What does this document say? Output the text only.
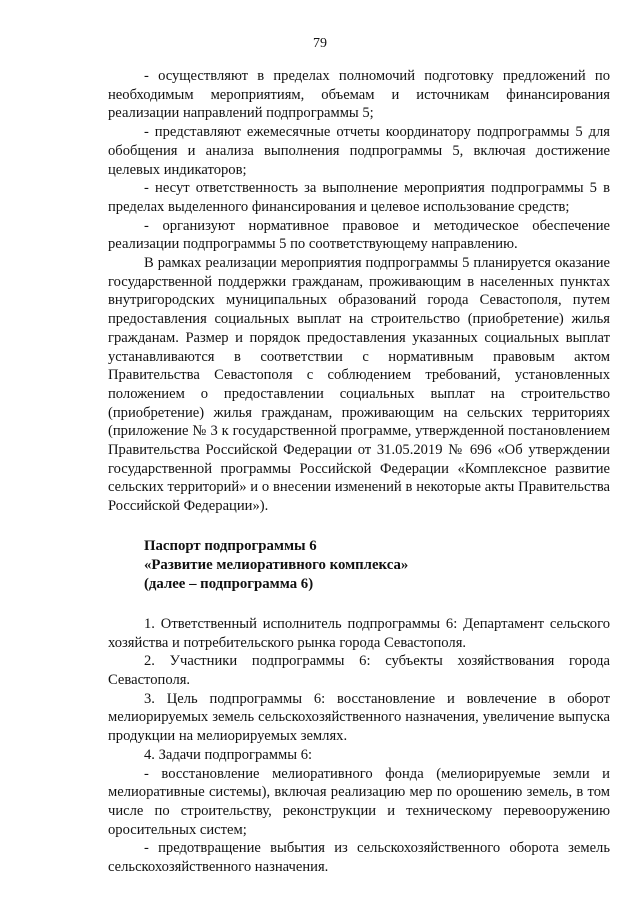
79

- осуществляют в пределах полномочий подготовку предложений по необходимым мероприятиям, объемам и источникам финансирования реализации направлений подпрограммы 5;

- представляют ежемесячные отчеты координатору подпрограммы 5 для обобщения и анализа выполнения подпрограммы 5, включая достижение целевых индикаторов;

- несут ответственность за выполнение мероприятия подпрограммы 5 в пределах выделенного финансирования и целевое использование средств;

- организуют нормативное правовое и методическое обеспечение реализации подпрограммы 5 по соответствующему направлению.

В рамках реализации мероприятия подпрограммы 5 планируется оказание государственной поддержки гражданам, проживающим в населенных пунктах внутригородских муниципальных образований города Севастополя, путем предоставления социальных выплат на строительство (приобретение) жилья гражданам. Размер и порядок предоставления указанных социальных выплат устанавливаются в соответствии с нормативным правовым актом Правительства Севастополя с соблюдением требований, установленных положением о предоставлении социальных выплат на строительство (приобретение) жилья гражданам, проживающим на сельских территориях (приложение № 3 к государственной программе, утвержденной постановлением Правительства Российской Федерации от 31.05.2019 № 696 «Об утверждении государственной программы Российской Федерации «Комплексное развитие сельских территорий» и о внесении изменений в некоторые акты Правительства Российской Федерации»).

Паспорт подпрограммы 6

«Развитие мелиоративного комплекса»

(далее – подпрограмма 6)

1. Ответственный исполнитель подпрограммы 6: Департамент сельского хозяйства и потребительского рынка города Севастополя.

2. Участники подпрограммы 6: субъекты хозяйствования города Севастополя.

3. Цель подпрограммы 6: восстановление и вовлечение в оборот мелиорируемых земель сельскохозяйственного назначения, увеличение выпуска продукции на мелиорируемых землях.

4. Задачи подпрограммы 6:

- восстановление мелиоративного фонда (мелиорируемые земли и мелиоративные системы), включая реализацию мер по орошению земель, в том числе по строительству, реконструкции и техническому перевооружению оросительных систем;

- предотвращение выбытия из сельскохозяйственного оборота земель сельскохозяйственного назначения.
